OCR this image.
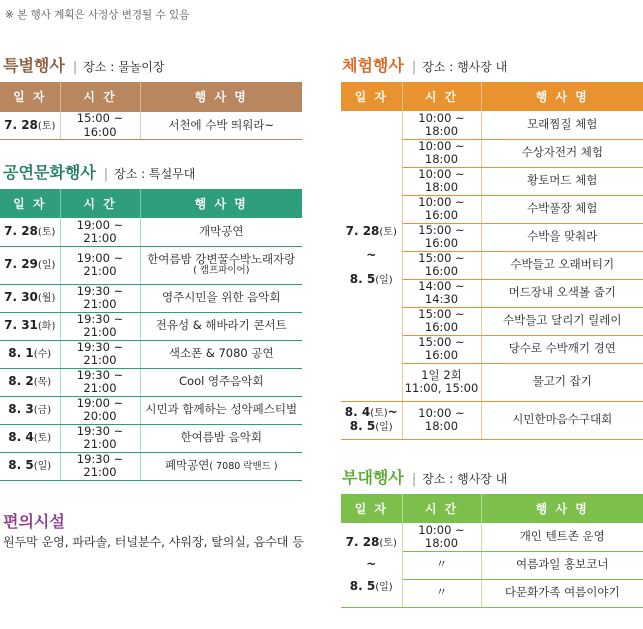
※ 본 행사 계획은 사정상 변경될 수 있음
특별행사 | 장소 : 물놀이장
일 자	시 간	행 사 명
7. 28(토)	15:00 ~ 16:00	서천에 수박 띄워라~
공연문화행사 | 장소 : 특설무대
일 자	시 간	행 사 명
7. 28(토)	19:00 ~ 21:00	개막공연
7. 29(일)	19:00 ~ 21:00	한여름밤 강변꿀수박노래자랑
( 캠프파이어)

7. 30(월)	19:30 ~ 21:00	영주시민을 위한 음악회
7. 31(화)	19:30 ~ 21:00	전유성 & 해바라기 콘서트
8. 1(수)	19:30 ~ 21:00	색소폰 & 7080 공연
8. 2(목)	19:30 ~ 21:00	Cool 영주음악회
8. 3(금)	19:00 ~ 20:00	시민과 함께하는 성악페스티벌
8. 4(토)	19:30 ~ 21:00	한여름밤 음악회
8. 5(일)	19:30 ~ 21:00	폐막공연( 7080 락밴드 )
편의시설
원두막 운영, 파라솔, 터널분수, 샤워장, 탈의실, 음수대 등
체험행사 | 장소 : 행사장 내
일 자	시 간	행 사 명

7. 28(토)
~
8. 5(일)	10:00 ~ 18:00	모래찜질 체험
	10:00 ~ 18:00	수상자전거 체험
	10:00 ~ 18:00	황토머드 체험
	10:00 ~ 16:00	수박풀장 체험
	15:00 ~ 16:00	수박을 맞춰라
	15:00 ~ 16:00	수박들고 오래버티기
	14:00 ~ 14:30	머드장내 오색볼 줍기
	15:00 ~ 16:00	수박들고 달리기 릴레이
	15:00 ~ 16:00	당수로 수박깨기 경연

	1일 2회
11:00, 15:00	물고기 잡기

8. 4(토)~
8. 5(일)	10:00 ~ 18:00	시민한마음수구대회
부대행사 | 장소 : 행사장 내
일 자	시 간	행 사 명

7. 28(토)
~
8. 5(일)	10:00 ~ 18:00	개인 텐트존 운영
	〃	여름과일 홍보코너
	〃	다문화가족 여름이야기
